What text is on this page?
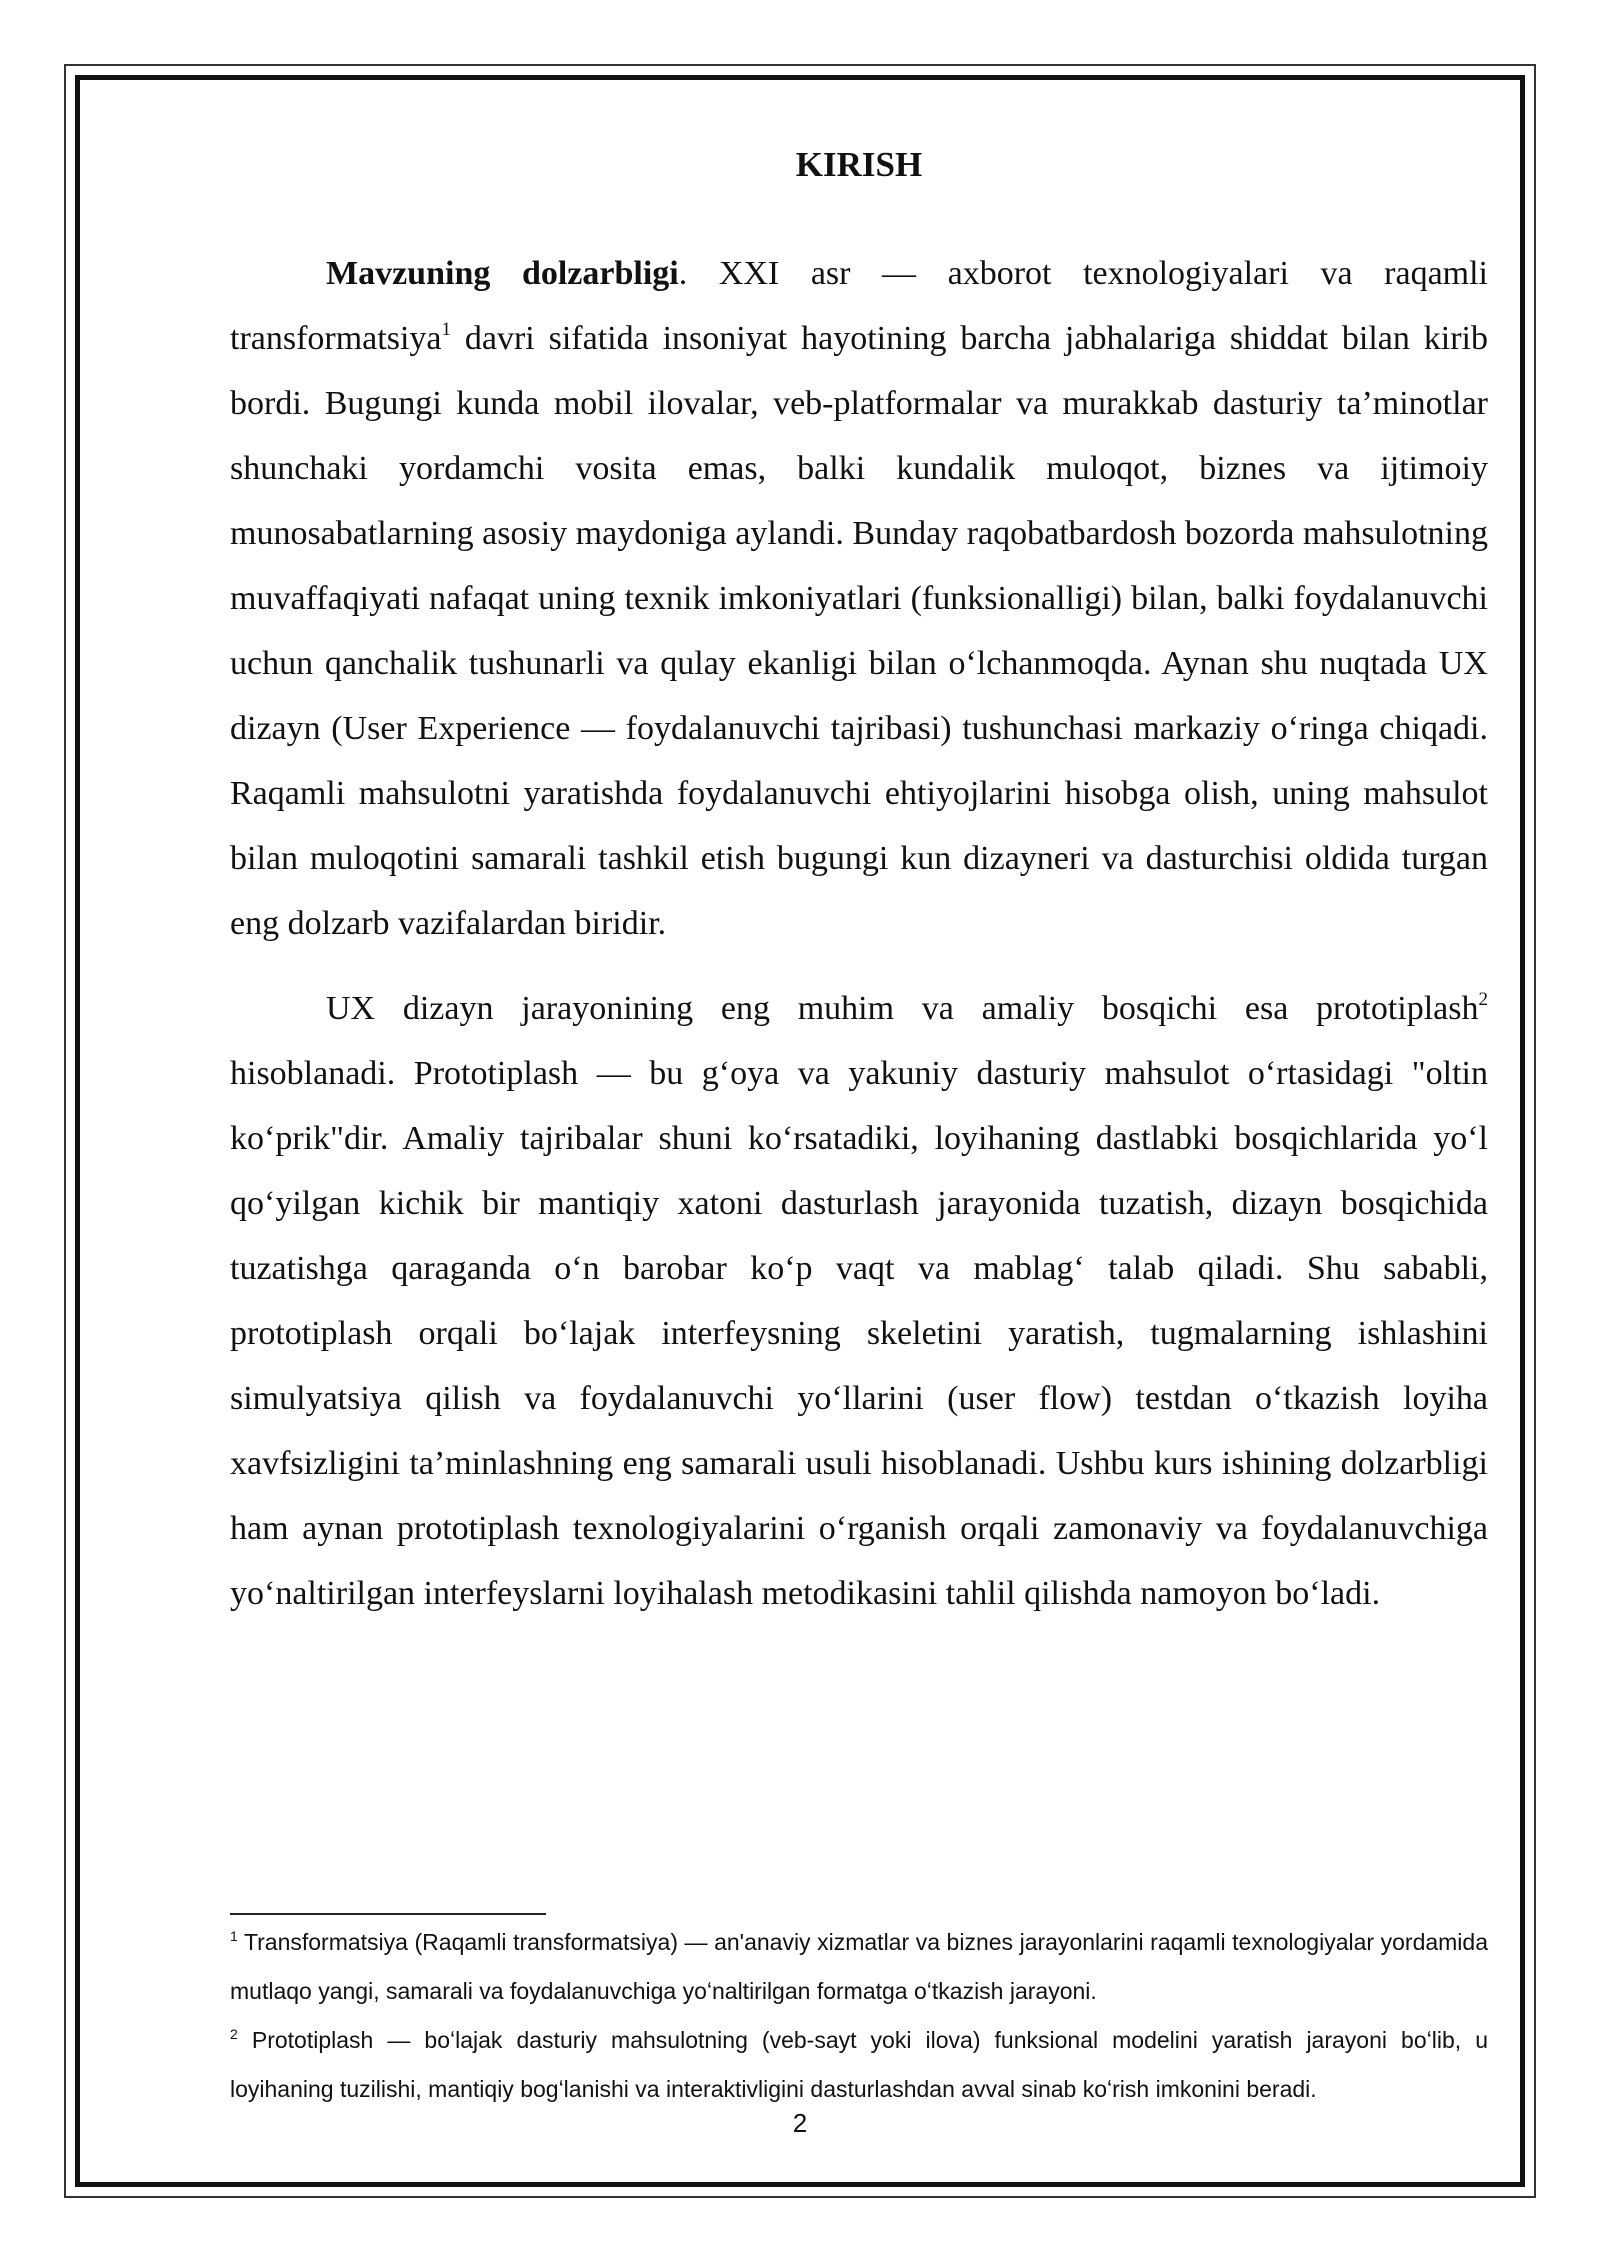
KIRISH

Mavzuning dolzarbligi. XXI asr — axborot texnologiyalari va raqamli transformatsiya$^1$ davri sifatida insoniyat hayotining barcha jabhalariga shiddat bilan kirib bordi. Bugungi kunda mobil ilovalar, veb-platformalar va murakkab dasturiy ta’minotlar shunchaki yordamchi vosita emas, balki kundalik muloqot, biznes va ijtimoiy munosabatlarning asosiy maydoniga aylandi. Bunday raqobatbardosh bozorda mahsulotning muvaffaqiyati nafaqat uning texnik imkoniyatlari (funksionalligi) bilan, balki foydalanuvchi uchun qanchalik tushunarli va qulay ekanligi bilan oʻlchanmoqda. Aynan shu nuqtada UX dizayn (User Experience — foydalanuvchi tajribasi) tushunchasi markaziy oʻringa chiqadi. Raqamli mahsulotni yaratishda foydalanuvchi ehtiyojlarini hisobga olish, uning mahsulot bilan muloqotini samarali tashkil etish bugungi kun dizayneri va dasturchisi oldida turgan eng dolzarb vazifalardan biridir.

UX dizayn jarayonining eng muhim va amaliy bosqichi esa prototiplash$^2$ hisoblanadi. Prototiplash — bu gʻoya va yakuniy dasturiy mahsulot oʻrtasidagi "oltin koʻprik"dir. Amaliy tajribalar shuni koʻrsatadiki, loyihaning dastlabki bosqichlarida yoʻl qoʻyilgan kichik bir mantiqiy xatoni dasturlash jarayonida tuzatish, dizayn bosqichida tuzatishga qaraganda oʻn barobar koʻp vaqt va mablagʻ talab qiladi. Shu sababli, prototiplash orqali boʻlajak interfeysning skeletini yaratish, tugmalarning ishlashini simulyatsiya qilish va foydalanuvchi yoʻllarini (user flow) testdan oʻtkazish loyiha xavfsizligini ta’minlashning eng samarali usuli hisoblanadi. Ushbu kurs ishining dolzarbligi ham aynan prototiplash texnologiyalarini oʻrganish orqali zamonaviy va foydalanuvchiga yoʻnaltirilgan interfeyslarni loyihalash metodikasini tahlil qilishda namoyon boʻladi.

$^1$ Transformatsiya (Raqamli transformatsiya) — an'anaviy xizmatlar va biznes jarayonlarini raqamli texnologiyalar yordamida mutlaqo yangi, samarali va foydalanuvchiga yoʻnaltirilgan formatga oʻtkazish jarayoni.

$^2$ Prototiplash — boʻlajak dasturiy mahsulotning (veb-sayt yoki ilova) funksional modelini yaratish jarayoni boʻlib, u loyihaning tuzilishi, mantiqiy bogʻlanishi va interaktivligini dasturlashdan avval sinab koʻrish imkonini beradi.

2
